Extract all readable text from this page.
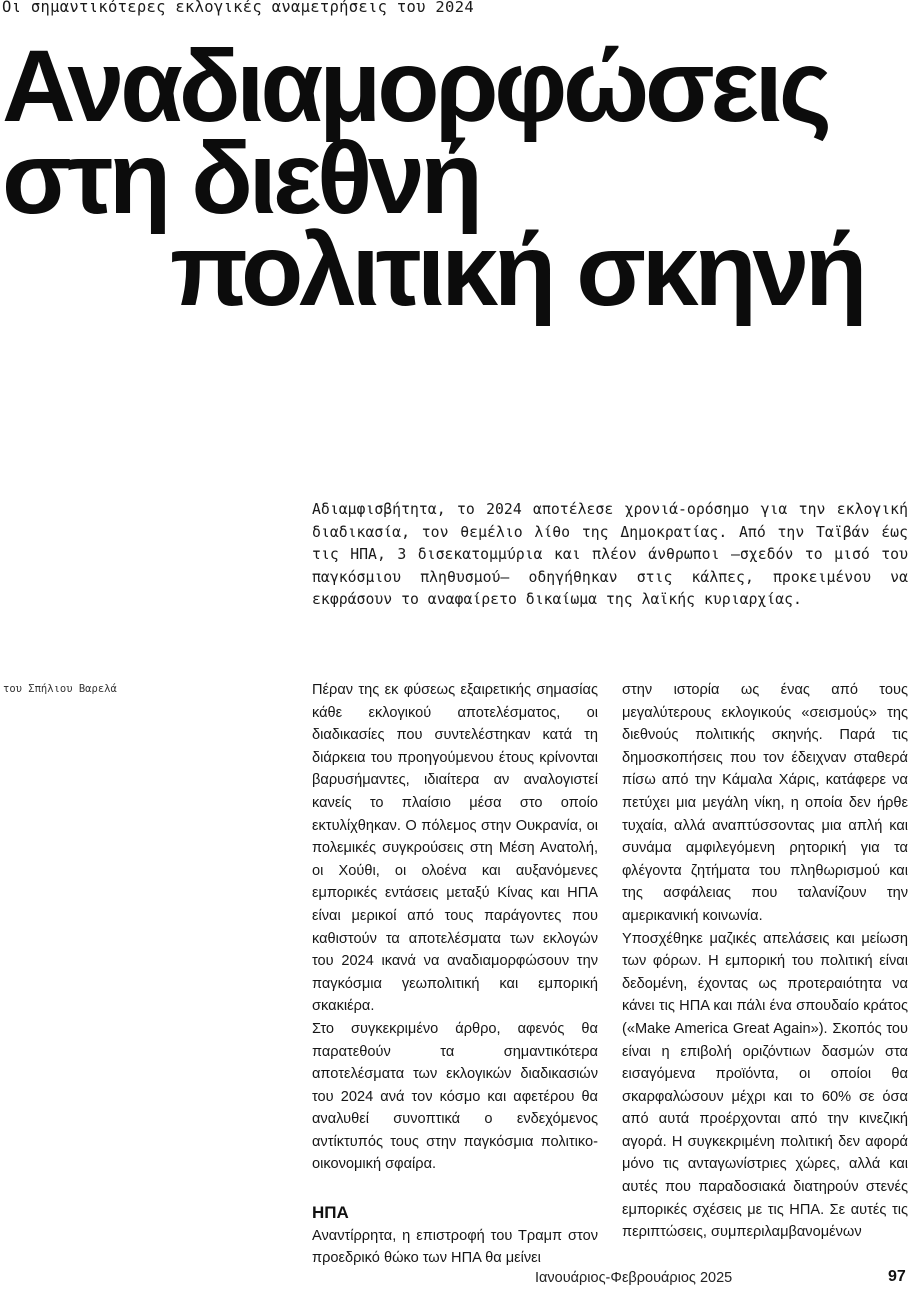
Οι σημαντικότερες εκλογικές αναμετρήσεις του 2024
Αναδιαμορφώσεις
στη διεθνή
πολιτική σκηνή

Αδιαμφισβήτητα, το 2024 αποτέλεσε χρονιά-ορόσημο για την εκλογική διαδικασία, τον θεμέλιο λίθο της Δημοκρατίας. Από την Ταϊβάν έως τις ΗΠΑ, 3 δισεκατομμύρια και πλέον άνθρωποι —σχεδόν το μισό του παγκόσμιου πληθυσμού— οδηγήθηκαν στις κάλπες, προκειμένου να εκφράσουν το αναφαίρετο δικαίωμα της λαϊκής κυριαρχίας.

του Σπήλιου Βαρελά	Πέραν της εκ φύσεως εξαιρετικής σημασίας κάθε εκλογικού αποτελέσματος, οι διαδικασίες που συντελέστηκαν κατά τη διάρκεια του προηγούμενου έτους κρίνονται βαρυσήμαντες, ιδιαίτερα αν αναλογιστεί κανείς το πλαίσιο μέσα στο οποίο εκτυλίχθηκαν. Ο πόλεμος στην Ουκρανία, οι πολεμικές συγκρούσεις στη Μέση Ανατολή, οι Χούθι, οι ολοένα και αυξανόμενες εμπορικές εντάσεις μεταξύ Κίνας και ΗΠΑ είναι μερικοί από τους παράγοντες που καθιστούν τα αποτελέσματα των εκλογών του 2024 ικανά να αναδιαμορφώσουν την παγκόσμια γεωπολιτική και εμπορική σκακιέρα.

Στο συγκεκριμένο άρθρο, αφενός θα παρατεθούν τα σημαντικότερα αποτελέσματα των εκλογικών διαδικασιών του 2024 ανά τον κόσμο και αφετέρου θα αναλυθεί συνοπτικά ο ενδεχόμενος αντίκτυπός τους στην παγκόσμια πολιτικο-οικονομική σφαίρα.

ΗΠΑ

Αναντίρρητα, η επιστροφή του Τραμπ στον προεδρικό θώκο των ΗΠΑ θα μείνει

στην ιστορία ως ένας από τους μεγαλύτερους εκλογικούς «σεισμούς» της διεθνούς πολιτικής σκηνής. Παρά τις δημοσκοπήσεις που τον έδειχναν σταθερά πίσω από την Κάμαλα Χάρις, κατάφερε να πετύχει μια μεγάλη νίκη, η οποία δεν ήρθε τυχαία, αλλά αναπτύσσοντας μια απλή και συνάμα αμφιλεγόμενη ρητορική για τα φλέγοντα ζητήματα του πληθωρισμού και της ασφάλειας που ταλανίζουν την αμερικανική κοινωνία.

Υποσχέθηκε μαζικές απελάσεις και μείωση των φόρων. Η εμπορική του πολιτική είναι δεδομένη, έχοντας ως προτεραιότητα να κάνει τις ΗΠΑ και πάλι ένα σπουδαίο κράτος («Make America Great Again»). Σκοπός του είναι η επιβολή οριζόντιων δασμών στα εισαγόμενα προϊόντα, οι οποίοι θα σκαρφαλώσουν μέχρι και το 60% σε όσα από αυτά προέρχονται από την κινεζική αγορά. Η συγκεκριμένη πολιτική δεν αφορά μόνο τις ανταγωνίστριες χώρες, αλλά και αυτές που παραδοσιακά διατηρούν στενές εμπορικές σχέσεις με τις ΗΠΑ. Σε αυτές τις περιπτώσεις, συμπεριλαμβανομένων

Ιανουάριος-Φεβρουάριος 2025	97
